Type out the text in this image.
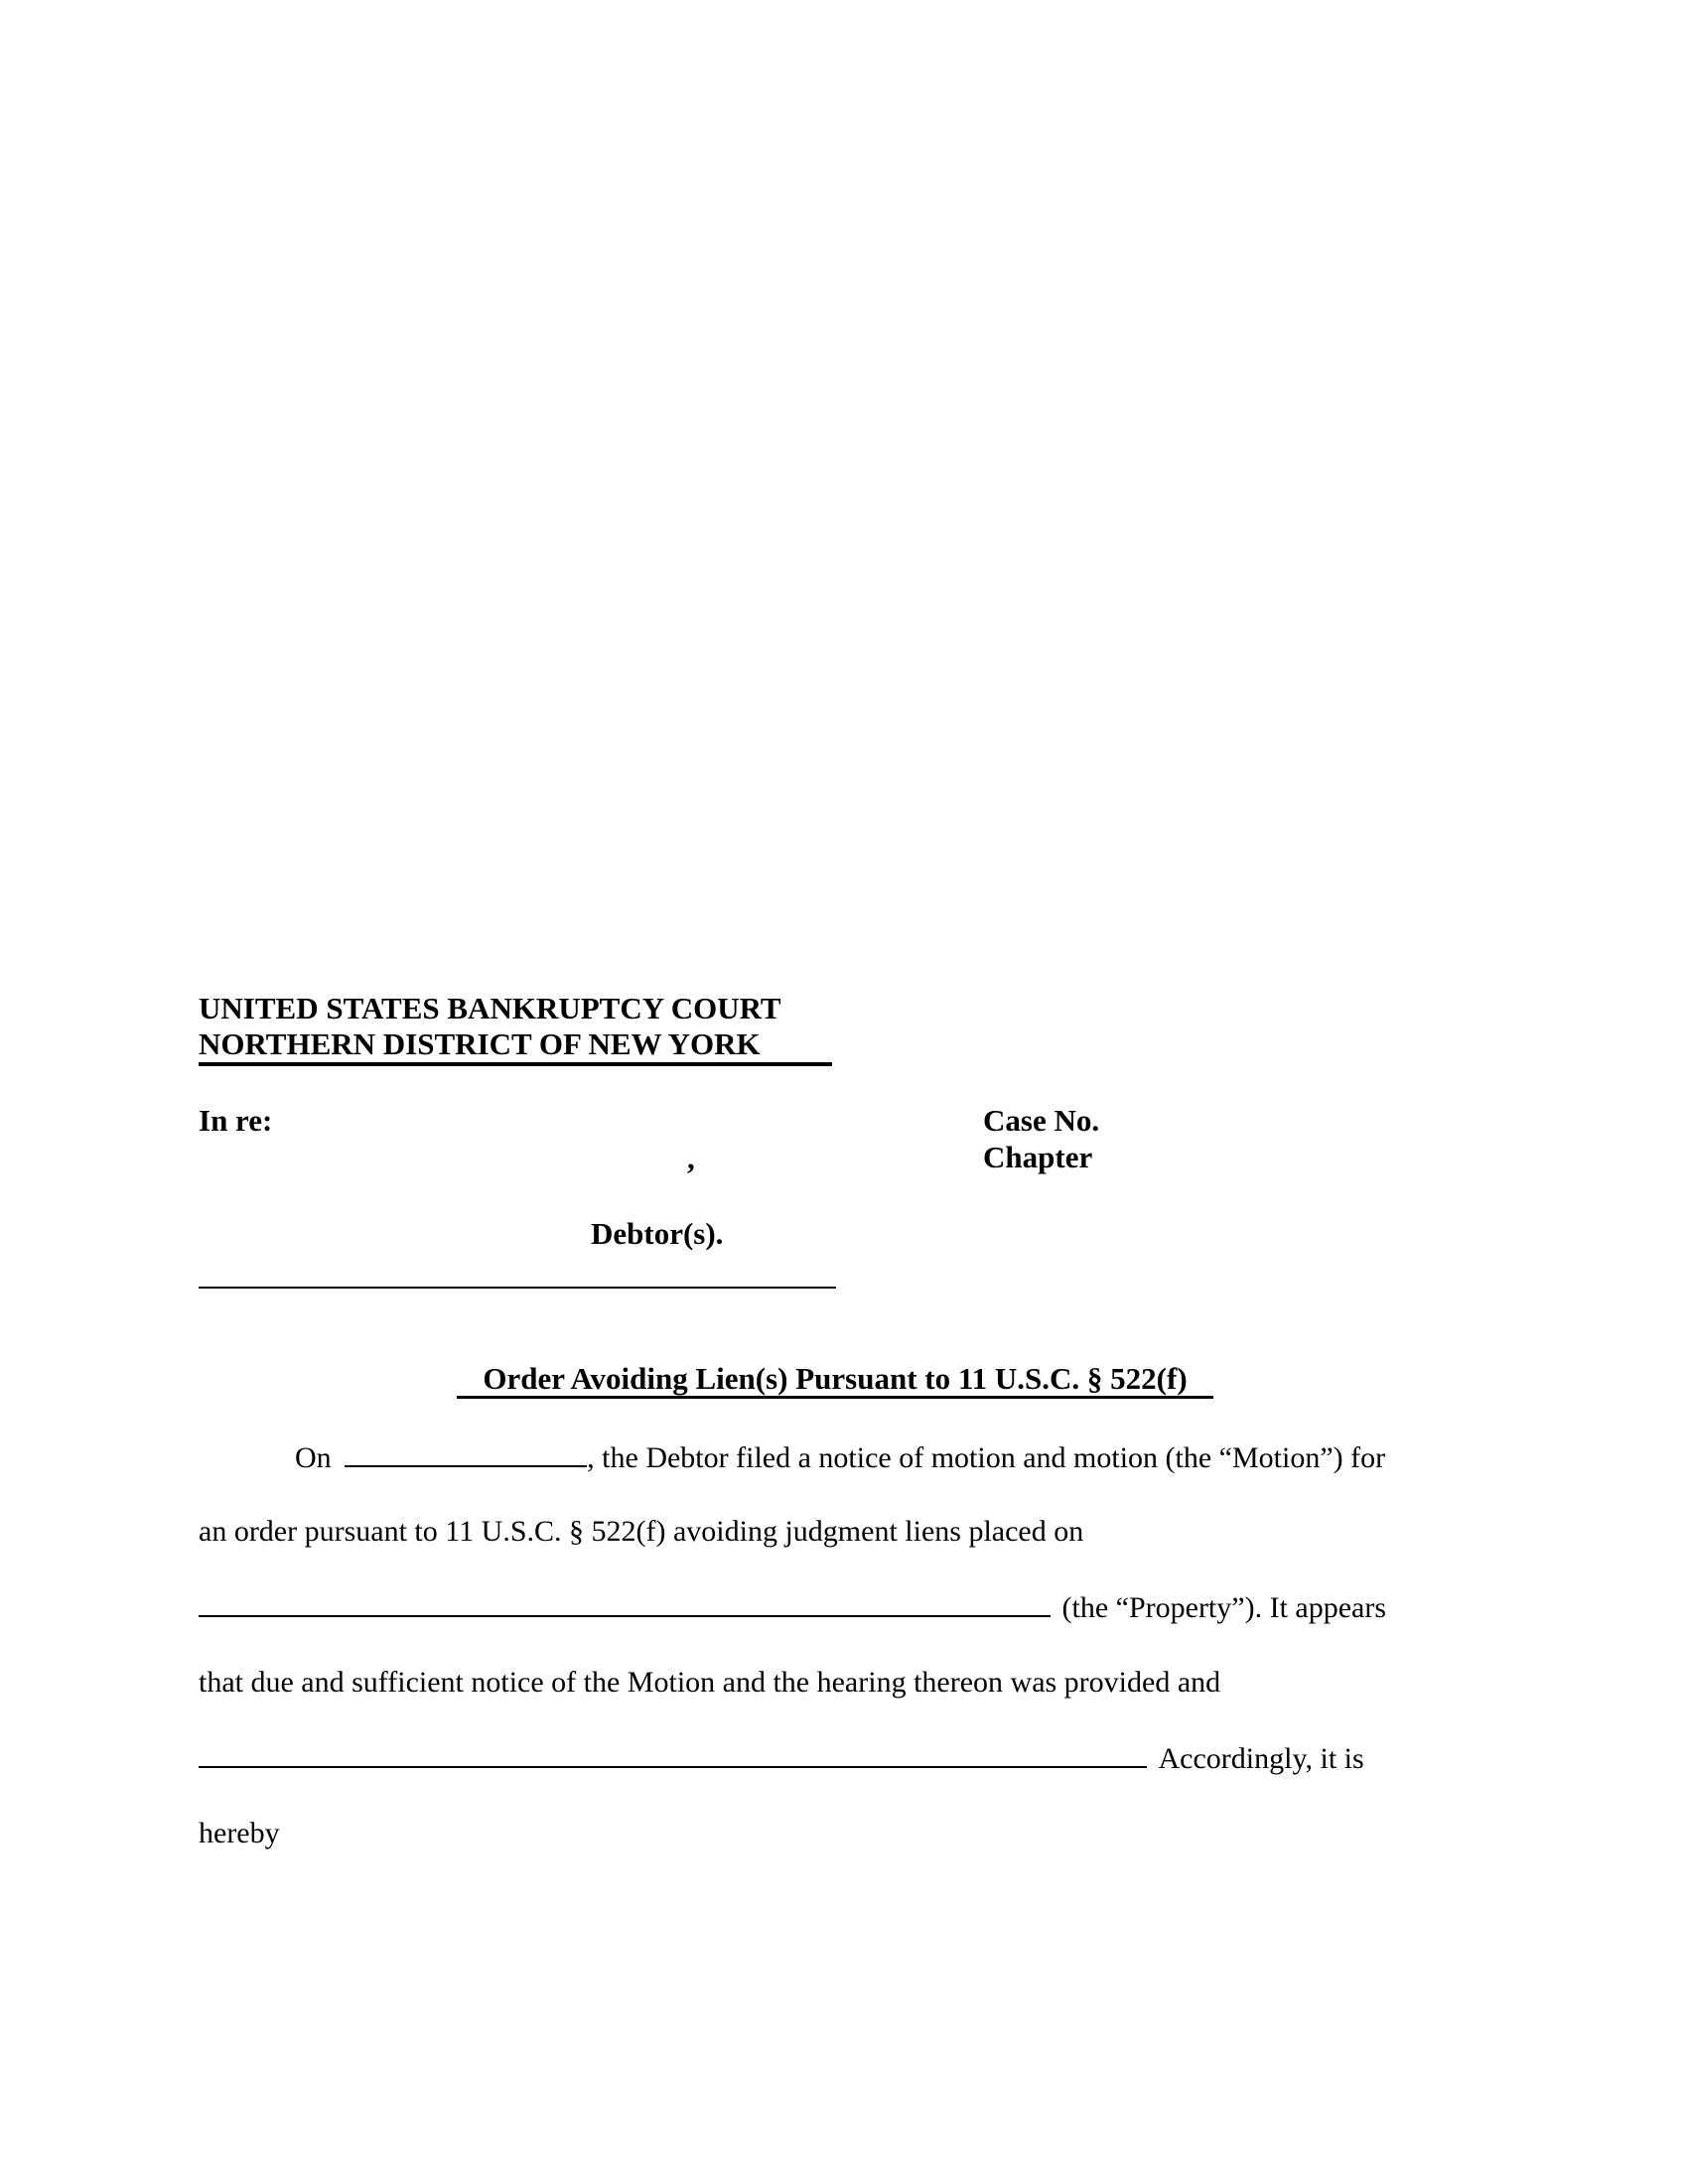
UNITED STATES BANKRUPTCY COURT
NORTHERN DISTRICT OF NEW YORK
In re:
,
Debtor(s).
Case No.
Chapter
Order Avoiding Lien(s) Pursuant to 11 U.S.C. § 522(f)
On	, the Debtor filed a notice of motion and motion (the “Motion”) for
an order pursuant to 11 U.S.C. § 522(f) avoiding judgment liens placed on
(the “Property”). It appears
that due and sufficient notice of the Motion and the hearing thereon was provided and
Accordingly, it is
hereby
